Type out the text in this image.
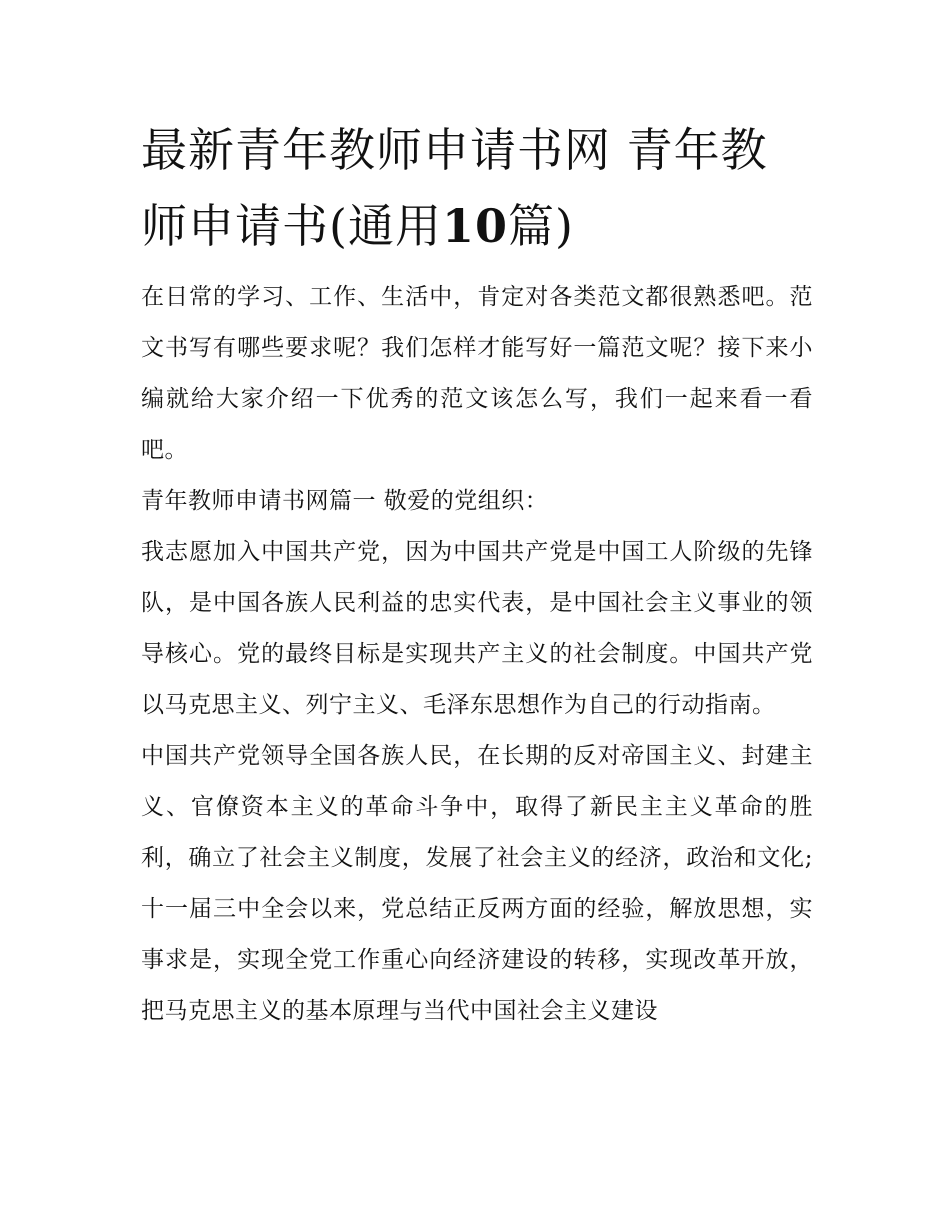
最新青年教师申请书网 青年教师申请书(通用10篇)

在日常的学习、工作、生活中，肯定对各类范文都很熟悉吧。范文书写有哪些要求呢？我们怎样才能写好一篇范文呢？接下来小编就给大家介绍一下优秀的范文该怎么写，我们一起来看一看吧。

青年教师申请书网篇一 敬爱的党组织：

我志愿加入中国共产党，因为中国共产党是中国工人阶级的先锋队，是中国各族人民利益的忠实代表，是中国社会主义事业的领导核心。党的最终目标是实现共产主义的社会制度。中国共产党以马克思主义、列宁主义、毛泽东思想作为自己的行动指南。

中国共产党领导全国各族人民，在长期的反对帝国主义、封建主义、官僚资本主义的革命斗争中，取得了新民主主义革命的胜利，确立了社会主义制度，发展了社会主义的经济，政治和文化;十一届三中全会以来，党总结正反两方面的经验，解放思想，实事求是，实现全党工作重心向经济建设的转移，实现改革开放，把马克思主义的基本原理与当代中国社会主义建设
